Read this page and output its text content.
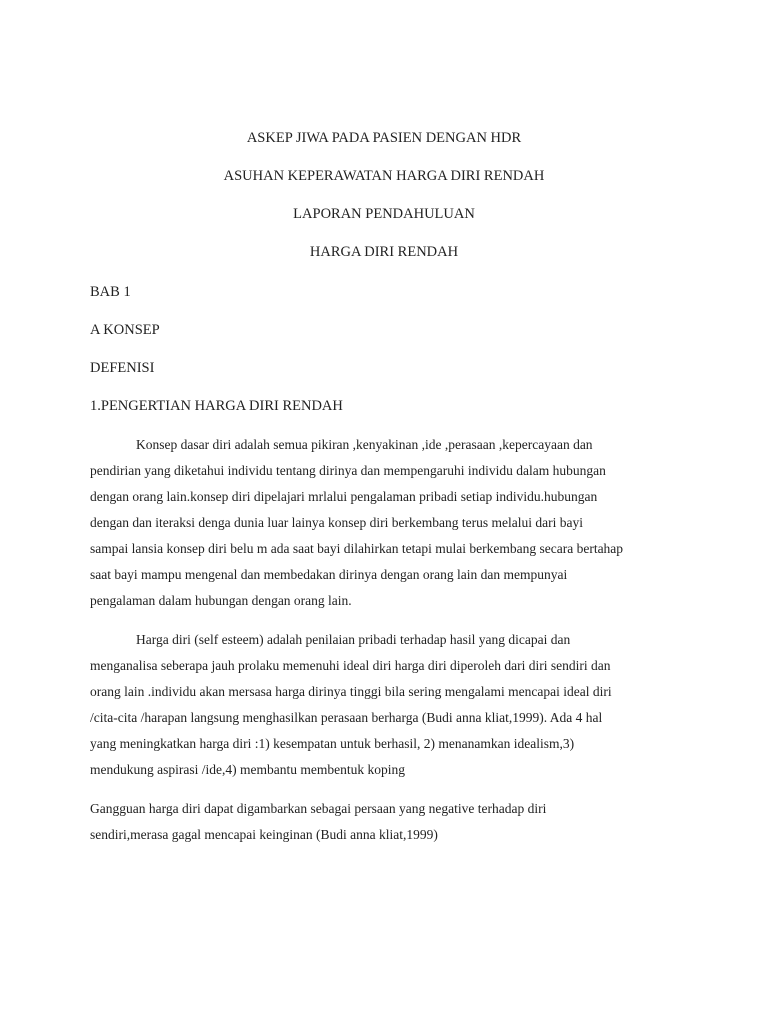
ASKEP JIWA PADA PASIEN DENGAN HDR
ASUHAN KEPERAWATAN HARGA DIRI RENDAH
LAPORAN PENDAHULUAN
HARGA DIRI RENDAH
BAB 1
A KONSEP
DEFENISI
1.PENGERTIAN HARGA DIRI RENDAH
Konsep dasar diri adalah semua pikiran ,kenyakinan ,ide ,perasaan ,kepercayaan dan
pendirian yang diketahui individu tentang dirinya dan mempengaruhi individu dalam hubungan
dengan orang lain.konsep diri dipelajari mrlalui pengalaman pribadi setiap individu.hubungan
dengan dan iteraksi denga dunia luar lainya konsep diri berkembang terus melalui dari bayi
sampai lansia konsep diri belu m ada saat bayi dilahirkan tetapi mulai berkembang secara bertahap
saat bayi mampu mengenal dan membedakan dirinya dengan orang lain dan mempunyai
pengalaman dalam hubungan dengan orang lain.
Harga diri (self esteem) adalah penilaian pribadi terhadap hasil yang dicapai dan
menganalisa seberapa jauh prolaku memenuhi ideal diri harga diri diperoleh dari diri sendiri dan
orang lain .individu akan mersasa harga dirinya tinggi bila sering mengalami mencapai ideal diri
/cita-cita /harapan langsung menghasilkan perasaan berharga (Budi anna kliat,1999). Ada 4 hal
yang meningkatkan harga diri :1) kesempatan untuk berhasil, 2) menanamkan idealism,3)
mendukung aspirasi /ide,4) membantu membentuk koping
Gangguan harga diri dapat digambarkan sebagai persaan yang negative terhadap diri
sendiri,merasa gagal mencapai keinginan (Budi anna kliat,1999)
